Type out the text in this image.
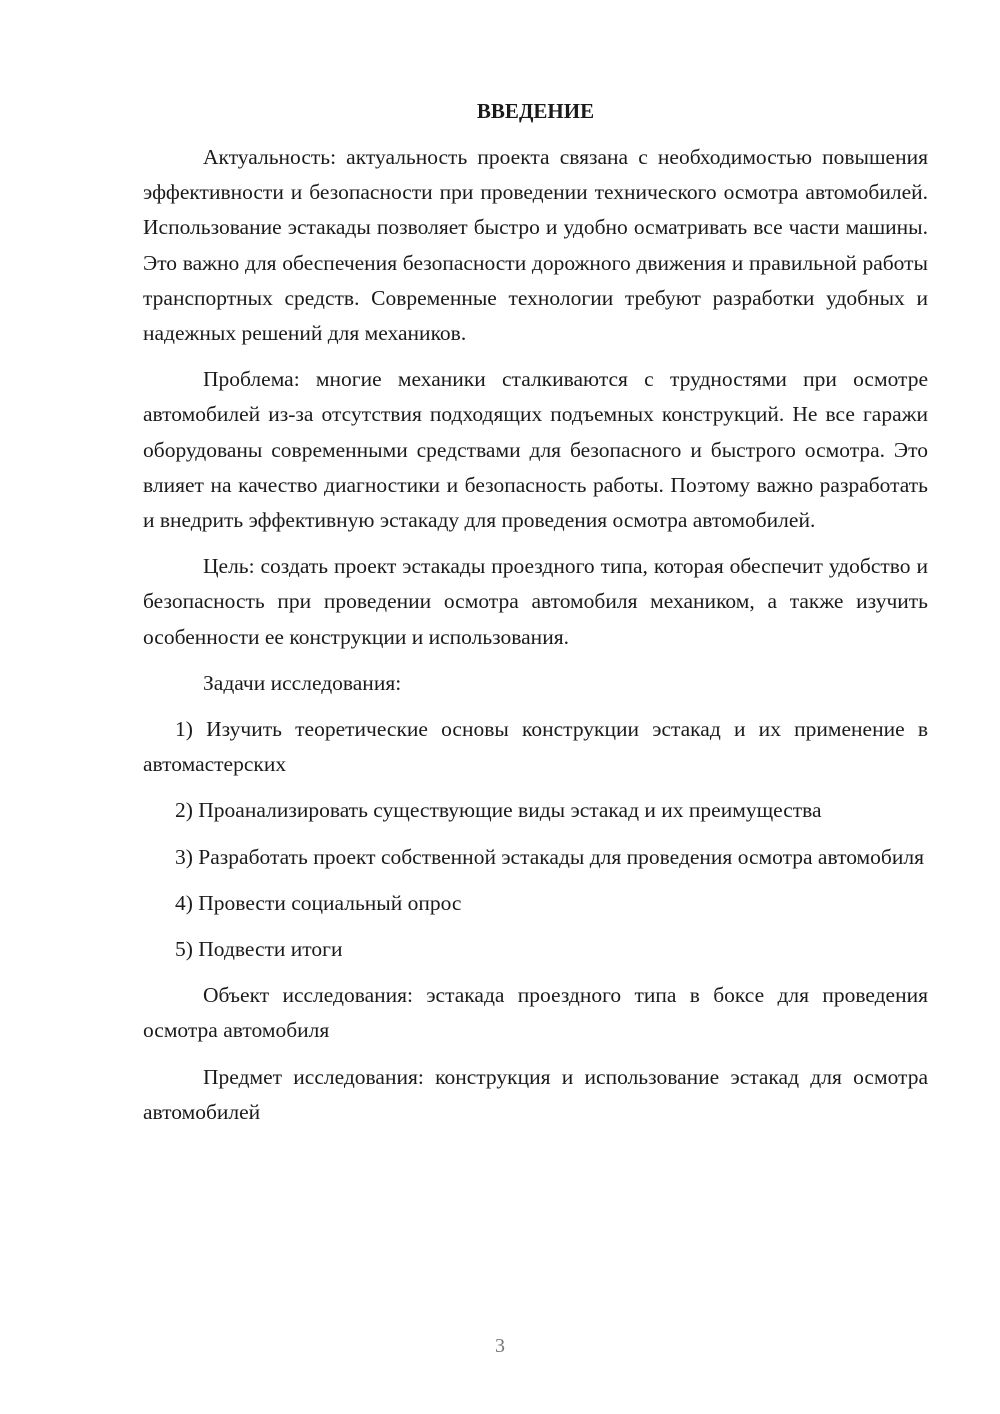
ВВЕДЕНИЕ

Актуальность: актуальность проекта связана с необходимостью повышения эффективности и безопасности при проведении технического осмотра автомобилей. Использование эстакады позволяет быстро и удобно осматривать все части машины. Это важно для обеспечения безопасности дорожного движения и правильной работы транспортных средств. Современные технологии требуют разработки удобных и надежных решений для механиков.

Проблема: многие механики сталкиваются с трудностями при осмотре автомобилей из-за отсутствия подходящих подъемных конструкций. Не все гаражи оборудованы современными средствами для безопасного и быстрого осмотра. Это влияет на качество диагностики и безопасность работы. Поэтому важно разработать и внедрить эффективную эстакаду для проведения осмотра автомобилей.

Цель: создать проект эстакады проездного типа, которая обеспечит удобство и безопасность при проведении осмотра автомобиля механиком, а также изучить особенности ее конструкции и использования.

Задачи исследования:

1) Изучить теоретические основы конструкции эстакад и их применение в автомастерских

2) Проанализировать существующие виды эстакад и их преимущества

3) Разработать проект собственной эстакады для проведения осмотра автомобиля

4) Провести социальный опрос

5) Подвести итоги

Объект исследования: эстакада проездного типа в боксе для проведения осмотра автомобиля

Предмет исследования: конструкция и использование эстакад для осмотра автомобилей

3
